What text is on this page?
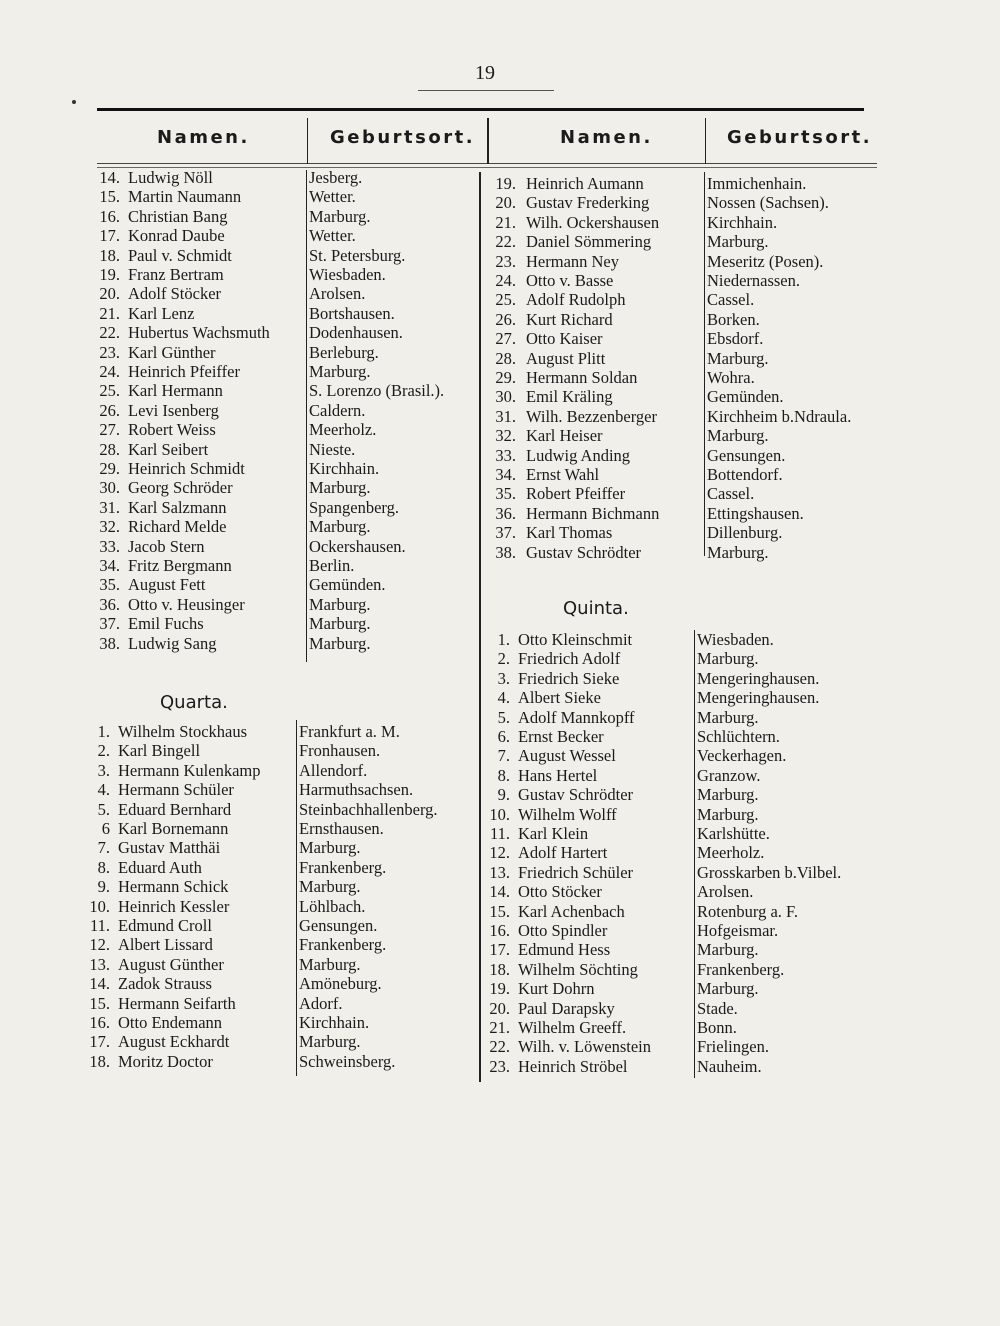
19
Namen.	Geburtsort.	Namen.	Geburtsort.
14. Ludwig Nöll	Jesberg.
15. Martin Naumann	Wetter.
16. Christian Bang	Marburg.
17. Konrad Daube	Wetter.
18. Paul v. Schmidt	St. Petersburg.
19. Franz Bertram	Wiesbaden.
20. Adolf Stöcker	Arolsen.
21. Karl Lenz	Bortshausen.
22. Hubertus Wachsmuth Dodenhausen.
23. Karl Günther	Berleburg.
24. Heinrich Pfeiffer	Marburg.
25. Karl Hermann	S. Lorenzo (Brasil.).
26. Levi Isenberg	Caldern.
27. Robert Weiss	Meerholz.
28. Karl Seibert	Nieste.
29. Heinrich Schmidt	Kirchhain.
30. Georg Schröder	Marburg.
31. Karl Salzmann	Spangenberg.
32. Richard Melde	Marburg.
33. Jacob Stern	Ockershausen.
34. Fritz Bergmann	Berlin.
35. August Fett	Gemünden.
36. Otto v. Heusinger	Marburg.
37. Emil Fuchs	Marburg.
38. Ludwig Sang	Marburg.
Quarta.
1. Wilhelm Stockhaus	Frankfurt a. M.
2. Karl Bingell	Fronhausen.
3. Hermann Kulenkamp Allendorf.
4. Hermann Schüler	Harmuthsachsen.
5. Eduard Bernhard	Steinbachhallenberg.
6 Karl Bornemann	Ernsthausen.
7. Gustav Matthäi	Marburg.
8. Eduard Auth	Frankenberg.
9. Hermann Schick	Marburg.
10. Heinrich Kessler	Löhlbach.
11. Edmund Croll	Gensungen.
12. Albert Lissard	Frankenberg.
13. August Günther	Marburg.
14. Zadok Strauss	Amöneburg.
15. Hermann Seifarth	Adorf.
16. Otto Endemann	Kirchhain.
17. August Eckhardt	Marburg.
18. Moritz Doctor	Schweinsberg.
19. Heinrich Aumann	Immichenhain.
20. Gustav Frederking	Nossen (Sachsen).
21. Wilh. Ockershausen	Kirchhain.
22. Daniel Sömmering	Marburg.
23. Hermann Ney	Meseritz (Posen).
24. Otto v. Basse	Niedernassen.
25. Adolf Rudolph	Cassel.
26. Kurt Richard	Borken.
27. Otto Kaiser	Ebsdorf.
28. August Plitt	Marburg.
29. Hermann Soldan	Wohra.
30. Emil Kräling	Gemünden.
31. Wilh. Bezzenberger	Kirchheim b.Ndraula.
32. Karl Heiser	Marburg.
33. Ludwig Anding	Gensungen.
34. Ernst Wahl	Bottendorf.
35. Robert Pfeiffer	Cassel.
36. Hermann Bichmann	Ettingshausen.
37. Karl Thomas	Dillenburg.
38. Gustav Schrödter	Marburg.
Quinta.
1. Otto Kleinschmit	Wiesbaden.
2. Friedrich Adolf	Marburg.
3. Friedrich Sieke	Mengeringhausen.
4. Albert Sieke	Mengeringhausen.
5. Adolf Mannkopff	Marburg.
6. Ernst Becker	Schlüchtern.
7. August Wessel	Veckerhagen.
8. Hans Hertel	Granzow.
9. Gustav Schrödter	Marburg.
10. Wilhelm Wolff	Marburg.
11. Karl Klein	Karlshütte.
12. Adolf Hartert	Meerholz.
13. Friedrich Schüler	Grosskarben b.Vilbel.
14. Otto Stöcker	Arolsen.
15. Karl Achenbach	Rotenburg a. F.
16. Otto Spindler	Hofgeismar.
17. Edmund Hess	Marburg.
18. Wilhelm Söchting	Frankenberg.
19. Kurt Dohrn	Marburg.
20. Paul Darapsky	Stade.
21. Wilhelm Greeff.	Bonn.
22. Wilh. v. Löwenstein	Frielingen.
23. Heinrich Ströbel	Nauheim.
